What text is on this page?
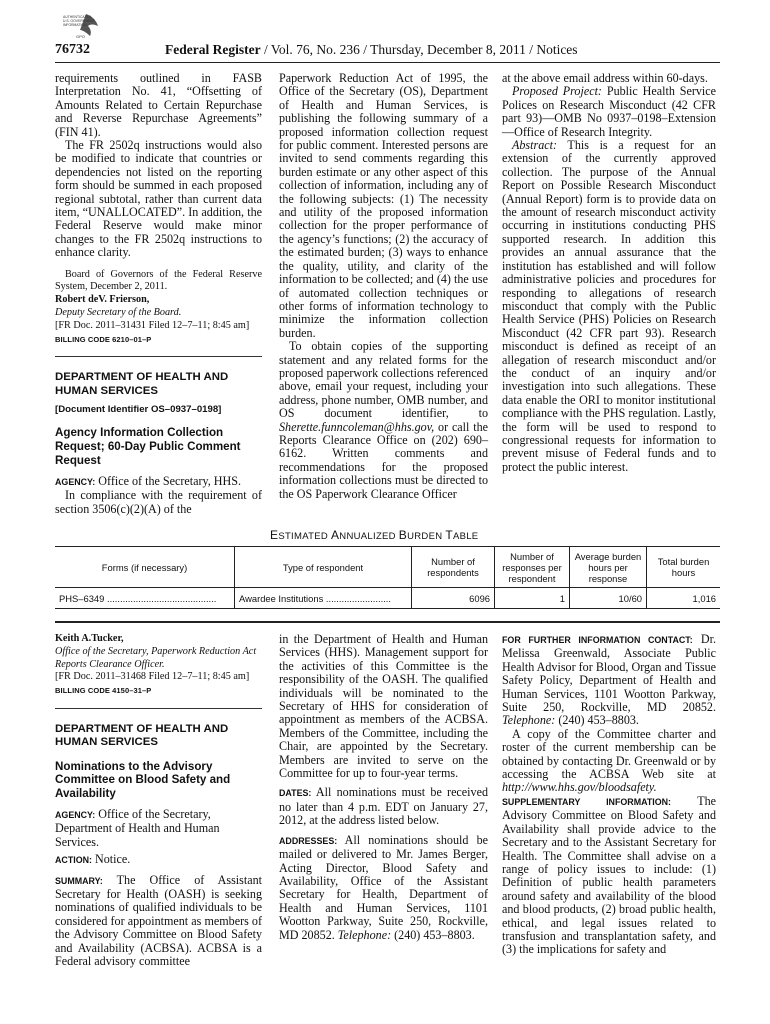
AUTHENTICATED
U.S. GOVERNMENT
INFORMATION
GPO
76732	Federal Register / Vol. 76, No. 236 / Thursday, December 8, 2011 / Notices

requirements outlined in FASB Interpretation No. 41, “Offsetting of Amounts Related to Certain Repurchase and Reverse Repurchase Agreements” (FIN 41).

The FR 2502q instructions would also be modified to indicate that countries or dependencies not listed on the reporting form should be summed in each proposed regional subtotal, rather than current data item, “UNALLOCATED”. In addition, the Federal Reserve would make minor changes to the FR 2502q instructions to enhance clarity.

Board of Governors of the Federal Reserve System, December 2, 2011.

Robert deV. Frierson,

Deputy Secretary of the Board.

[FR Doc. 2011–31431 Filed 12–7–11; 8:45 am]

BILLING CODE 6210–01–P

DEPARTMENT OF HEALTH AND HUMAN SERVICES

[Document Identifier OS–0937–0198]

Agency Information Collection Request; 60-Day Public Comment Request

AGENCY: Office of the Secretary, HHS.

In compliance with the requirement of section 3506(c)(2)(A) of the

Paperwork Reduction Act of 1995, the Office of the Secretary (OS), Department of Health and Human Services, is publishing the following summary of a proposed information collection request for public comment. Interested persons are invited to send comments regarding this burden estimate or any other aspect of this collection of information, including any of the following subjects: (1) The necessity and utility of the proposed information collection for the proper performance of the agency’s functions; (2) the accuracy of the estimated burden; (3) ways to enhance the quality, utility, and clarity of the information to be collected; and (4) the use of automated collection techniques or other forms of information technology to minimize the information collection burden.

To obtain copies of the supporting statement and any related forms for the proposed paperwork collections referenced above, email your request, including your address, phone number, OMB number, and OS document identifier, to Sherette.funncoleman@hhs.gov, or call the Reports Clearance Office on (202) 690–6162. Written comments and recommendations for the proposed information collections must be directed to the OS Paperwork Clearance Officer

at the above email address within 60-days.

Proposed Project: Public Health Service Polices on Research Misconduct (42 CFR part 93)—OMB No 0937–0198–Extension—Office of Research Integrity.

Abstract: This is a request for an extension of the currently approved collection. The purpose of the Annual Report on Possible Research Misconduct (Annual Report) form is to provide data on the amount of research misconduct activity occurring in institutions conducting PHS supported research. In addition this provides an annual assurance that the institution has established and will follow administrative policies and procedures for responding to allegations of research misconduct that comply with the Public Health Service (PHS) Policies on Research Misconduct (42 CFR part 93). Research misconduct is defined as receipt of an allegation of research misconduct and/or the conduct of an inquiry and/or investigation into such allegations. These data enable the ORI to monitor institutional compliance with the PHS regulation. Lastly, the form will be used to respond to congressional requests for information to prevent misuse of Federal funds and to protect the public interest.

ESTIMATED ANNUALIZED BURDEN TABLE
Forms (if necessary)	Type of respondent	Number of respondents	Number of responses per respondent	Average burden hours per response	Total burden hours
PHS–6349 ..........................................	Awardee Institutions .........................	6096	1	10/60	1,016

Keith A.Tucker,

Office of the Secretary, Paperwork Reduction Act Reports Clearance Officer.

[FR Doc. 2011–31468 Filed 12–7–11; 8:45 am]

BILLING CODE 4150–31–P

DEPARTMENT OF HEALTH AND HUMAN SERVICES

Nominations to the Advisory Committee on Blood Safety and Availability

AGENCY: Office of the Secretary, Department of Health and Human Services.

ACTION: Notice.

SUMMARY: The Office of Assistant Secretary for Health (OASH) is seeking nominations of qualified individuals to be considered for appointment as members of the Advisory Committee on Blood Safety and Availability (ACBSA). ACBSA is a Federal advisory committee

in the Department of Health and Human Services (HHS). Management support for the activities of this Committee is the responsibility of the OASH. The qualified individuals will be nominated to the Secretary of HHS for consideration of appointment as members of the ACBSA. Members of the Committee, including the Chair, are appointed by the Secretary. Members are invited to serve on the Committee for up to four-year terms.

DATES: All nominations must be received no later than 4 p.m. EDT on January 27, 2012, at the address listed below.

ADDRESSES: All nominations should be mailed or delivered to Mr. James Berger, Acting Director, Blood Safety and Availability, Office of the Assistant Secretary for Health, Department of Health and Human Services, 1101 Wootton Parkway, Suite 250, Rockville, MD 20852. Telephone: (240) 453–8803.

FOR FURTHER INFORMATION CONTACT: Dr. Melissa Greenwald, Associate Public Health Advisor for Blood, Organ and Tissue Safety Policy, Department of Health and Human Services, 1101 Wootton Parkway, Suite 250, Rockville, MD 20852. Telephone: (240) 453–8803.

A copy of the Committee charter and roster of the current membership can be obtained by contacting Dr. Greenwald or by accessing the ACBSA Web site at http://www.hhs.gov/bloodsafety.

SUPPLEMENTARY INFORMATION: The Advisory Committee on Blood Safety and Availability shall provide advice to the Secretary and to the Assistant Secretary for Health. The Committee shall advise on a range of policy issues to include: (1) Definition of public health parameters around safety and availability of the blood and blood products, (2) broad public health, ethical, and legal issues related to transfusion and transplantation safety, and (3) the implications for safety and
